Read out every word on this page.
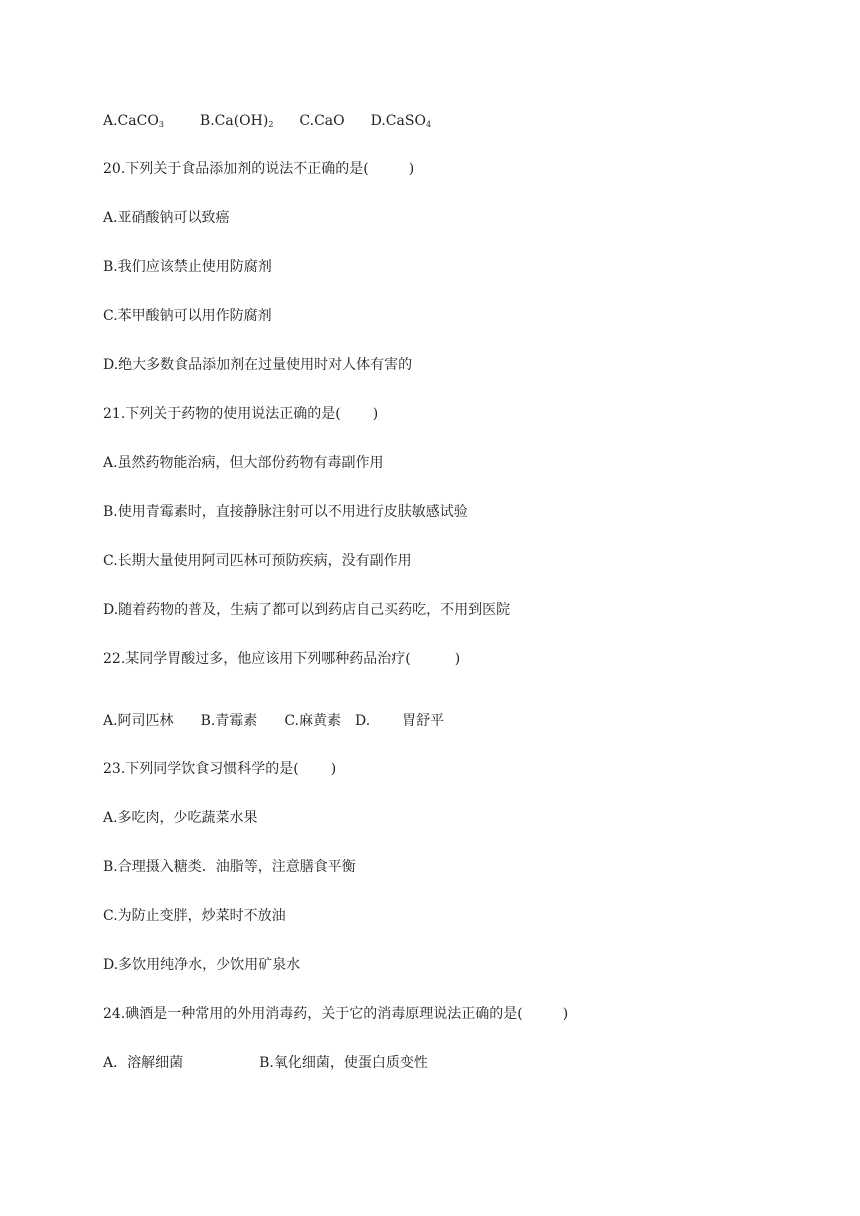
A.CaCO$_3$	$B.Ca(OH)_2$ C.CaO D.CaSO$_4$
20.下列关于食品添加剂的说法不正确的是(	)
A.亚硝酸钠可以致癌
B.我们应该禁止使用防腐剂
C.苯甲酸钠可以用作防腐剂
D.绝大多数食品添加剂在过量使用时对人体有害的
21.下列关于药物的使用说法正确的是( )
A.虽然药物能治病，但大部份药物有毒副作用
B.使用青霉素时，直接静脉注射可以不用进行皮肤敏感试验
C.长期大量使用阿司匹林可预防疾病，没有副作用
D.随着药物的普及，生病了都可以到药店自己买药吃，不用到医院
22.某同学胃酸过多，他应该用下列哪种药品治疗(	)
A.阿司匹林 B.青霉素 C.麻黄素 D. 胃舒平
23.下列同学饮食习惯科学的是( )
A.多吃肉，少吃蔬菜水果
B.合理摄入糖类．油脂等，注意膳食平衡
C.为防止变胖，炒菜时不放油
D.多饮用纯净水，少饮用矿泉水
24.碘酒是一种常用的外用消毒药，关于它的消毒原理说法正确的是(	)
A．溶解细菌	B.氧化细菌，使蛋白质变性
